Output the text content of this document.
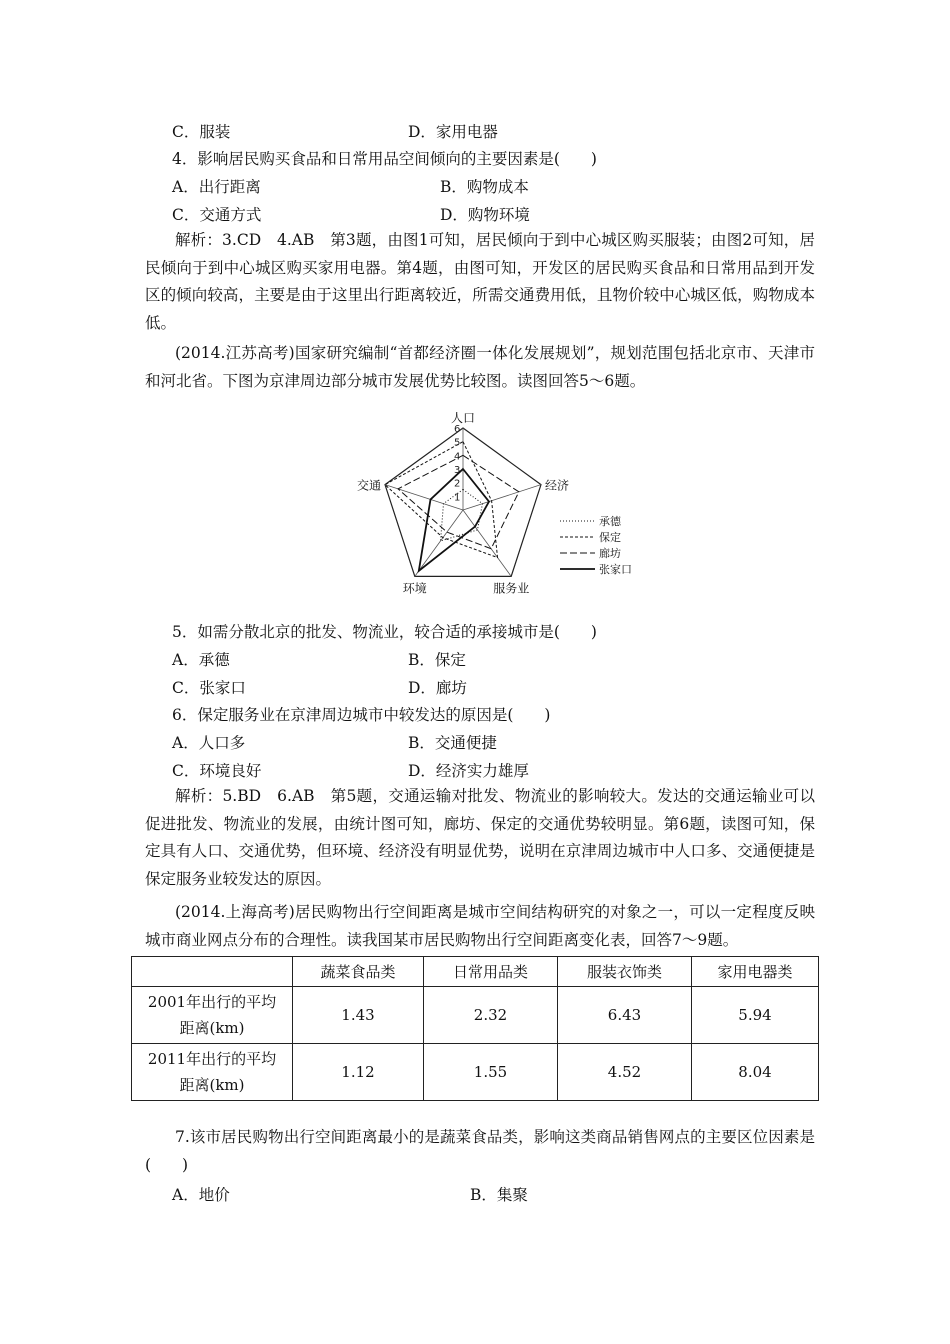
C．服装	D．家用电器
4．影响居民购买食品和日常用品空间倾向的主要因素是(　　)
A．出行距离	B．购物成本
C．交通方式	D．购物环境
解析：3.CD　4.AB　第3题，由图1可知，居民倾向于到中心城区购买服装；由图2可知，居民倾向于到中心城区购买家用电器。第4题，由图可知，开发区的居民购买食品和日常用品到开发区的倾向较高，主要是由于这里出行距离较近，所需交通费用低，且物价较中心城区低，购物成本低。
(2014.江苏高考)国家研究编制“首都经济圈一体化发展规划”，规划范围包括北京市、天津市和河北省。下图为京津周边部分城市发展优势比较图。读图回答5～6题。
1
2
3
4
5
6
人口
经济
服务业
环境
交通
承德
保定
廊坊
张家口
5．如需分散北京的批发、物流业，较合适的承接城市是(　　)
A．承德	B．保定
C．张家口	D．廊坊
6．保定服务业在京津周边城市中较发达的原因是(　　)
A．人口多	B．交通便捷
C．环境良好	D．经济实力雄厚
解析：5.BD　6.AB　第5题，交通运输对批发、物流业的影响较大。发达的交通运输业可以促进批发、物流业的发展，由统计图可知，廊坊、保定的交通优势较明显。第6题，读图可知，保定具有人口、交通优势，但环境、经济没有明显优势，说明在京津周边城市中人口多、交通便捷是保定服务业较发达的原因。
(2014.上海高考)居民购物出行空间距离是城市空间结构研究的对象之一，可以一定程度反映城市商业网点分布的合理性。读我国某市居民购物出行空间距离变化表，回答7～9题。
	蔬菜食品类	日常用品类	服装衣饰类	家用电器类
2001年出行的平均
距离(km)	1.43	2.32	6.43	5.94
2011年出行的平均
距离(km)	1.12	1.55	4.52	8.04
7.该市居民购物出行空间距离最小的是蔬菜食品类，影响这类商品销售网点的主要区位因素是(　　)
A．地价	B．集聚
